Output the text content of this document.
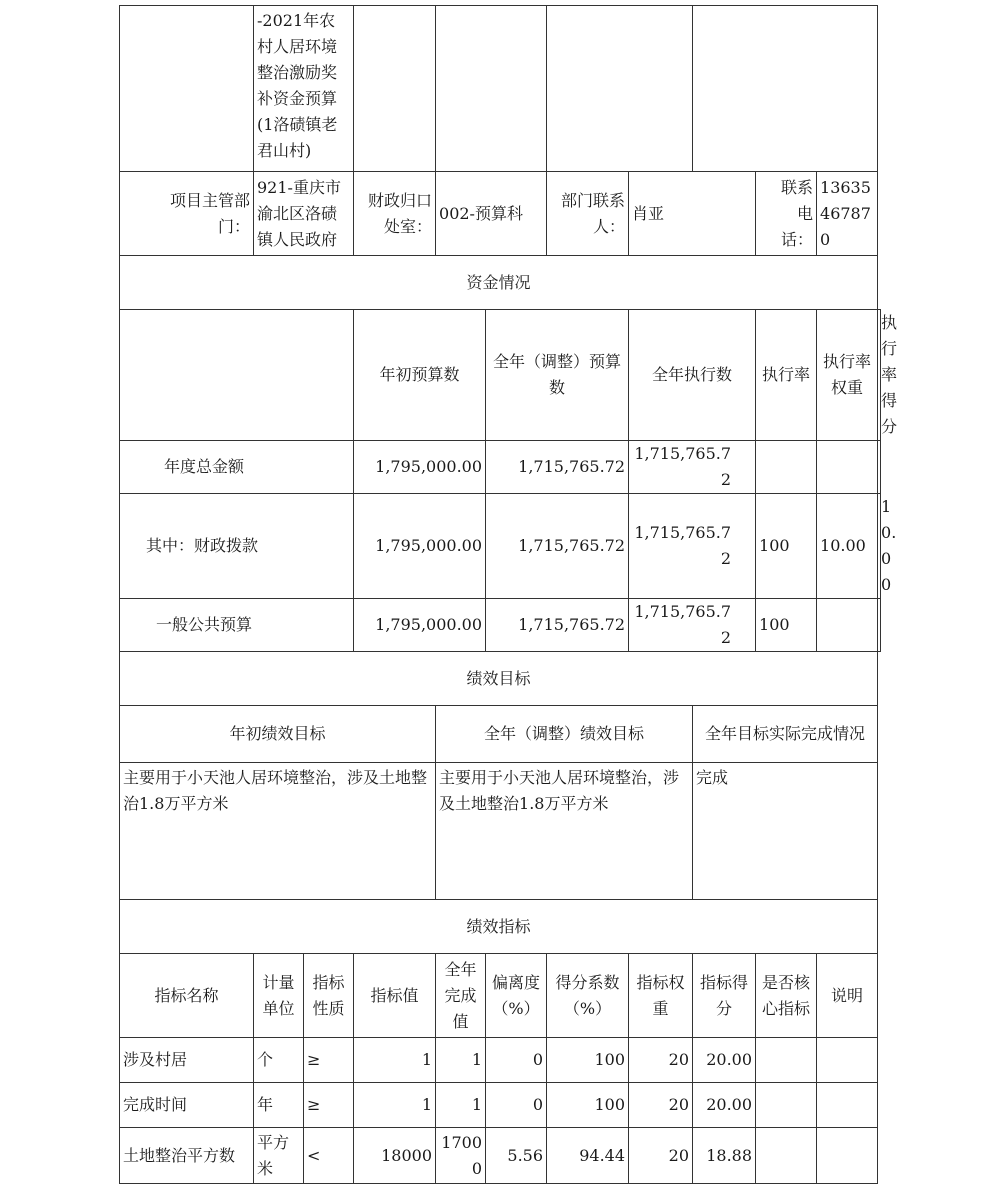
	-2021年农村人居环境整治激励奖补资金预算(1洛碛镇老君山村)										
项目主管部门：	921-重庆市渝北区洛碛镇人民政府		财政归口处室：	002-预算科		部门联系人：	肖亚		联系电话：	13635467870	
资金情况											
			年初预算数		全年（调整）预算数		全年执行数		执行率	执行率权重	执行率得分
年度总金额			1,795,000.00		1,715,765.72		1,715,765.72				
其中：财政拨款			1,795,000.00		1,715,765.72		1,715,765.72		100	10.00	10.00
一般公共预算			1,795,000.00		1,715,765.72		1,715,765.72		100		
绩效目标											
年初绩效目标				全年（调整）绩效目标				全年目标实际完成情况			
主要用于小天池人居环境整治，涉及土地整治1.8万平方米				主要用于小天池人居环境整治，涉及土地整治1.8万平方米				完成			
绩效指标											
指标名称	计量单位	指标性质	指标值	全年完成值	偏离度（%）	得分系数（%）	指标权重	指标得分	是否核心指标	说明	
涉及村居	个	≥	1	1	0	100	20	20.00			
完成时间	年	≥	1	1	0	100	20	20.00			
土地整治平方数	平方米	<	18000	17000	5.56	94.44	20	18.88			
